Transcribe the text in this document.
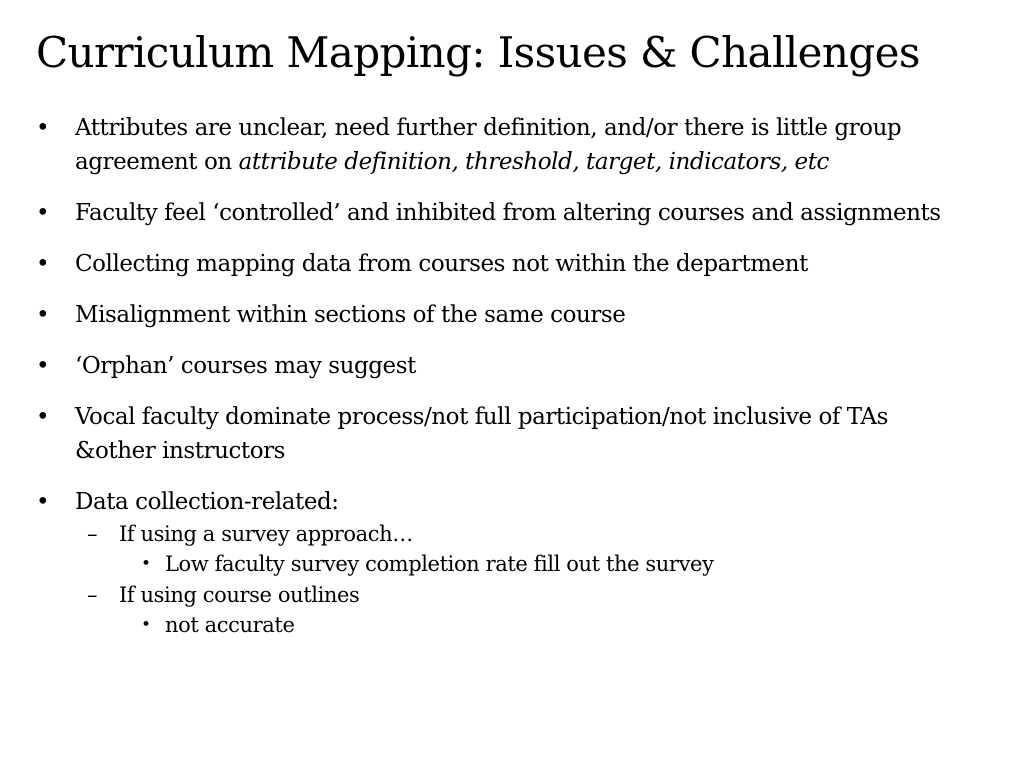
Curriculum Mapping: Issues & Challenges
• Attributes are unclear, need further definition, and/or there is little group agreement on attribute definition, threshold, target, indicators, etc
• Faculty feel ‘controlled’ and inhibited from altering courses and assignments
• Collecting mapping data from courses not within the department
• Misalignment within sections of the same course
• ‘Orphan’ courses may suggest
• Vocal faculty dominate process/not full participation/not inclusive of TAs &other instructors
• Data collection-related:
– If using a survey approach…
• Low faculty survey completion rate fill out the survey
– If using course outlines
• not accurate
